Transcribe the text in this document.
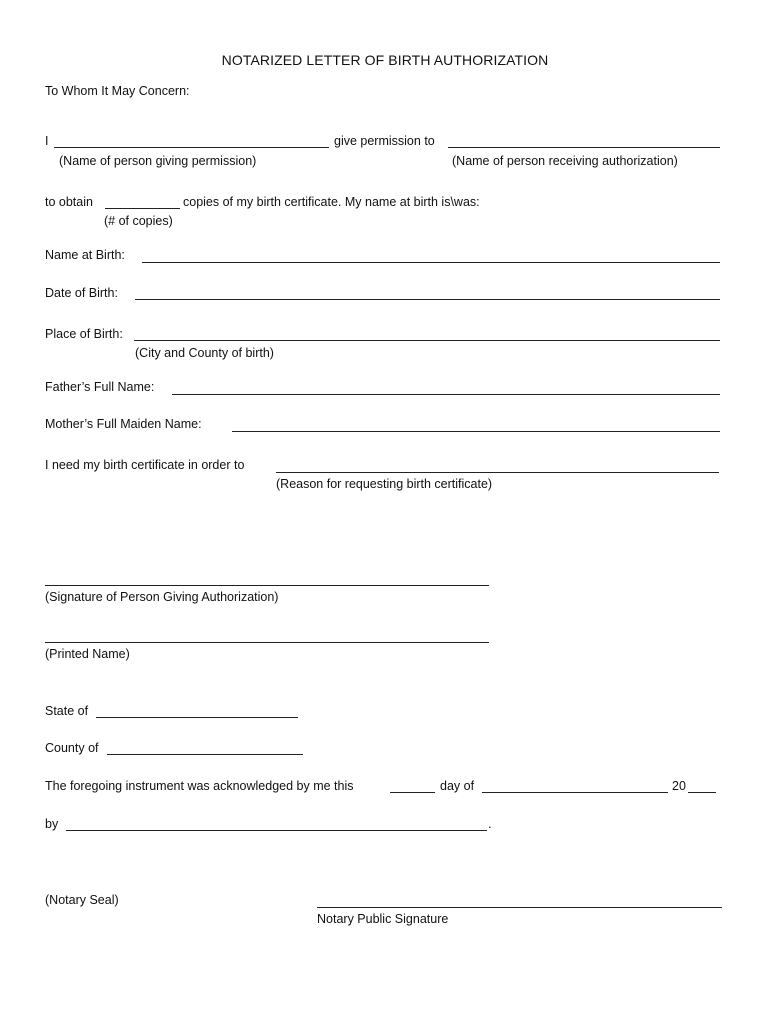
NOTARIZED LETTER OF BIRTH AUTHORIZATION
To Whom It May Concern:
I	give permission to
(Name of person giving permission)	(Name of person receiving authorization)
to obtain	copies of my birth certificate. My name at birth is\was:
(# of copies)
Name at Birth:
Date of Birth:
Place of Birth:
(City and County of birth)
Father’s Full Name:
Mother’s Full Maiden Name:
I need my birth certificate in order to
(Reason for requesting birth certificate)
(Signature of Person Giving Authorization)
(Printed Name)
State of
County of
The foregoing instrument was acknowledged by me this	day of	20
by	.
(Notary Seal)
Notary Public Signature
